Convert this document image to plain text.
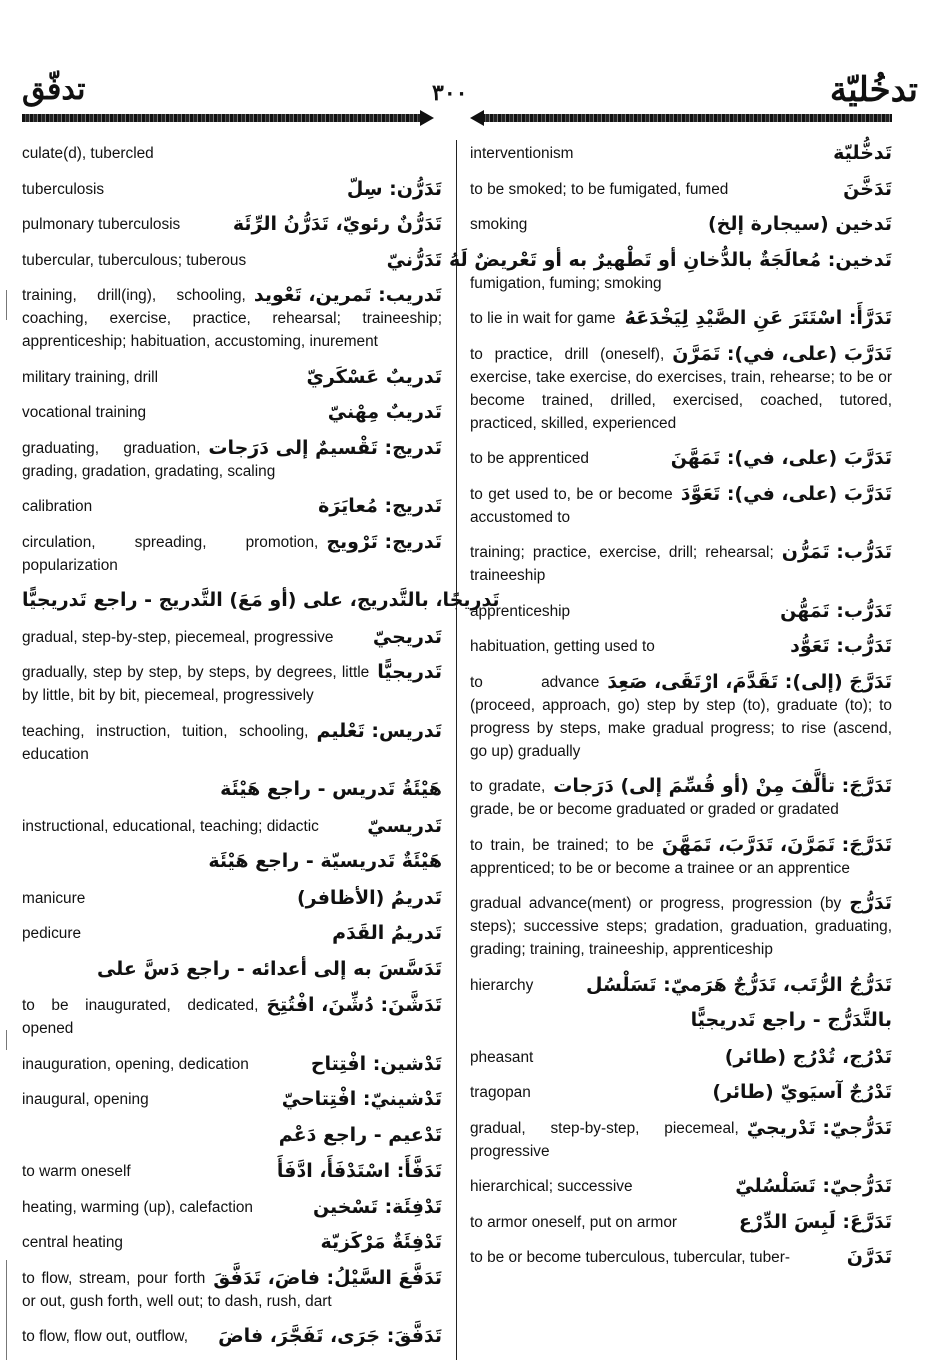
تدفّق	٣٠٠	تدخُليّة
culate(d), tubercled
تَدَرُّن: سِلّ
tuberculosis
تَدَرُّنٌ رئويّ، تَدَرُّنُ الرِّئَة
pulmonary tuberculosis
تَدَرُّنيّ
tubercular, tuberculous; tuberous
تَدريب: تَمرين، تَعْويد
training, drill(ing), schooling, coaching, exercise, practice, rehearsal; traineeship; apprenticeship; habituation, accustoming, inurement
تَدريبٌ عَسْكَريّ
military training, drill
تَدريبٌ مِهْنيّ
vocational training
تَدريج: تَقْسيمٌ إلى دَرَجات
graduating, graduation, grading, gradation, gradating, scaling
تَدريج: مُعايَرَة
calibration
تَدريج: تَرْويج
circulation, spreading, promotion, popularization
تَدريجًا، بالتَّدريج، على (أو مَعَ) التَّدريج - راجع تَدريجيًّا
تَدريجيّ
gradual, step-by-step, piecemeal, progressive
تَدريجيًّا
gradually, step by step, by steps, by degrees, little by little, bit by bit, piecemeal, progressively
تَدريس: تَعْليم
teaching, instruction, tuition, schooling, education
هَيْئَةُ تَدريس - راجع هَيْئَة
تَدريسيّ
instructional, educational, teaching; didactic
هَيْئَةٌ تَدريسيّة - راجع هَيْئَة
تَدريمُ (الأظافر)
manicure
تَدريمُ القَدَم
pedicure
تَدَسَّسَ به إلى أعدائه - راجع دَسَّ على
تَدَشَّنَ: دُشِّنَ، افْتُتِحَ
to be inaugurated, dedicated, opened
تَدْشين: افْتِتاح
inauguration, opening, dedication
تَدْشينيّ: افْتِتاحيّ
inaugural, opening
تَدْعيم - راجع دَعْم
تَدَفَّأَ: اسْتَدْفَأَ، ادَّفَأَ
to warm oneself
تَدْفِئَة: تَسْخين
heating, warming (up), calefaction
تَدْفِئَةٌ مَرْكَزيّة
central heating
تَدَفَّعَ السَّيْلُ: فاضَ، تَدَفَّقَ
to flow, stream, pour forth or out, gush forth, well out; to dash, rush, dart
تَدَفَّقَ: جَرَى، تَفَجَّرَ، فاضَ
to flow, flow out, outflow,
تَدخُّليّة
interventionism
تَدَخَّنَ
to be smoked; to be fumigated, fumed
تَدخين (سيجارة إلخ)
smoking
تَدخين: مُعالَجَةٌ بالدُّخانِ أو تَطْهيرٌ به أو تَعْريضٌ لَهُ
fumigation, fuming; smoking
تَدَرَّأَ: اسْتَتَرَ عَنِ الصَّيْدِ لِيَخْدَعَهُ
to lie in wait for game
تَدَرَّبَ (على، في): تَمَرَّنَ
to practice, drill (oneself), exercise, take exercise, do exercises, train, rehearse; to be or become trained, drilled, exercised, coached, tutored, practiced, skilled, experienced
تَدَرَّبَ (على، في): تَمَهَّنَ
to be apprenticed
تَدَرَّبَ (على، في): تَعَوَّدَ
to get used to, be or become accustomed to
تَدَرُّب: تَمَرُّن
training; practice, exercise, drill; rehearsal; traineeship
تَدَرُّب: تَمَهُّن
apprenticeship
تَدَرُّب: تَعَوُّد
habituation, getting used to
تَدَرَّجَ (إلى): تَقَدَّمَ، ارْتَقَى، صَعِدَ
to advance (proceed, approach, go) step by step (to), graduate (to); to progress by steps, make gradual progress; to rise (ascend, go up) gradually
تَدَرَّجَ: تألَّفَ مِنْ (أو قُسِّمَ إلى) دَرَجات
to gradate, grade, be or become graduated or graded or gradated
تَدَرَّجَ: تَمَرَّنَ، تَدَرَّبَ، تَمَهَّنَ
to train, be trained; to be apprenticed; to be or become a trainee or an apprentice
تَدَرُّج
gradual advance(ment) or progress, progression (by steps); successive steps; gradation, graduation, graduating, grading; training, traineeship, apprenticeship
تَدَرُّجُ الرُّتَب، تَدَرُّجٌ هَرَميّ: تَسَلْسُل
hierarchy
بالتَّدَرُّج - راجع تَدريجيًّا
تَدْرُج، تُدْرُج (طائر)
pheasant
تَدْرُجٌ آسيَويّ (طائر)
tragopan
تَدَرُّجيّ: تَدْريجيّ
gradual, step-by-step, piecemeal, progressive
تَدَرُّجيّ: تَسَلْسُليّ
hierarchical; successive
تَدَرَّعَ: لَبِسَ الدِّرْع
to armor oneself, put on armor
تَدَرَّنَ
to be or become tuberculous, tubercular, tuber-
